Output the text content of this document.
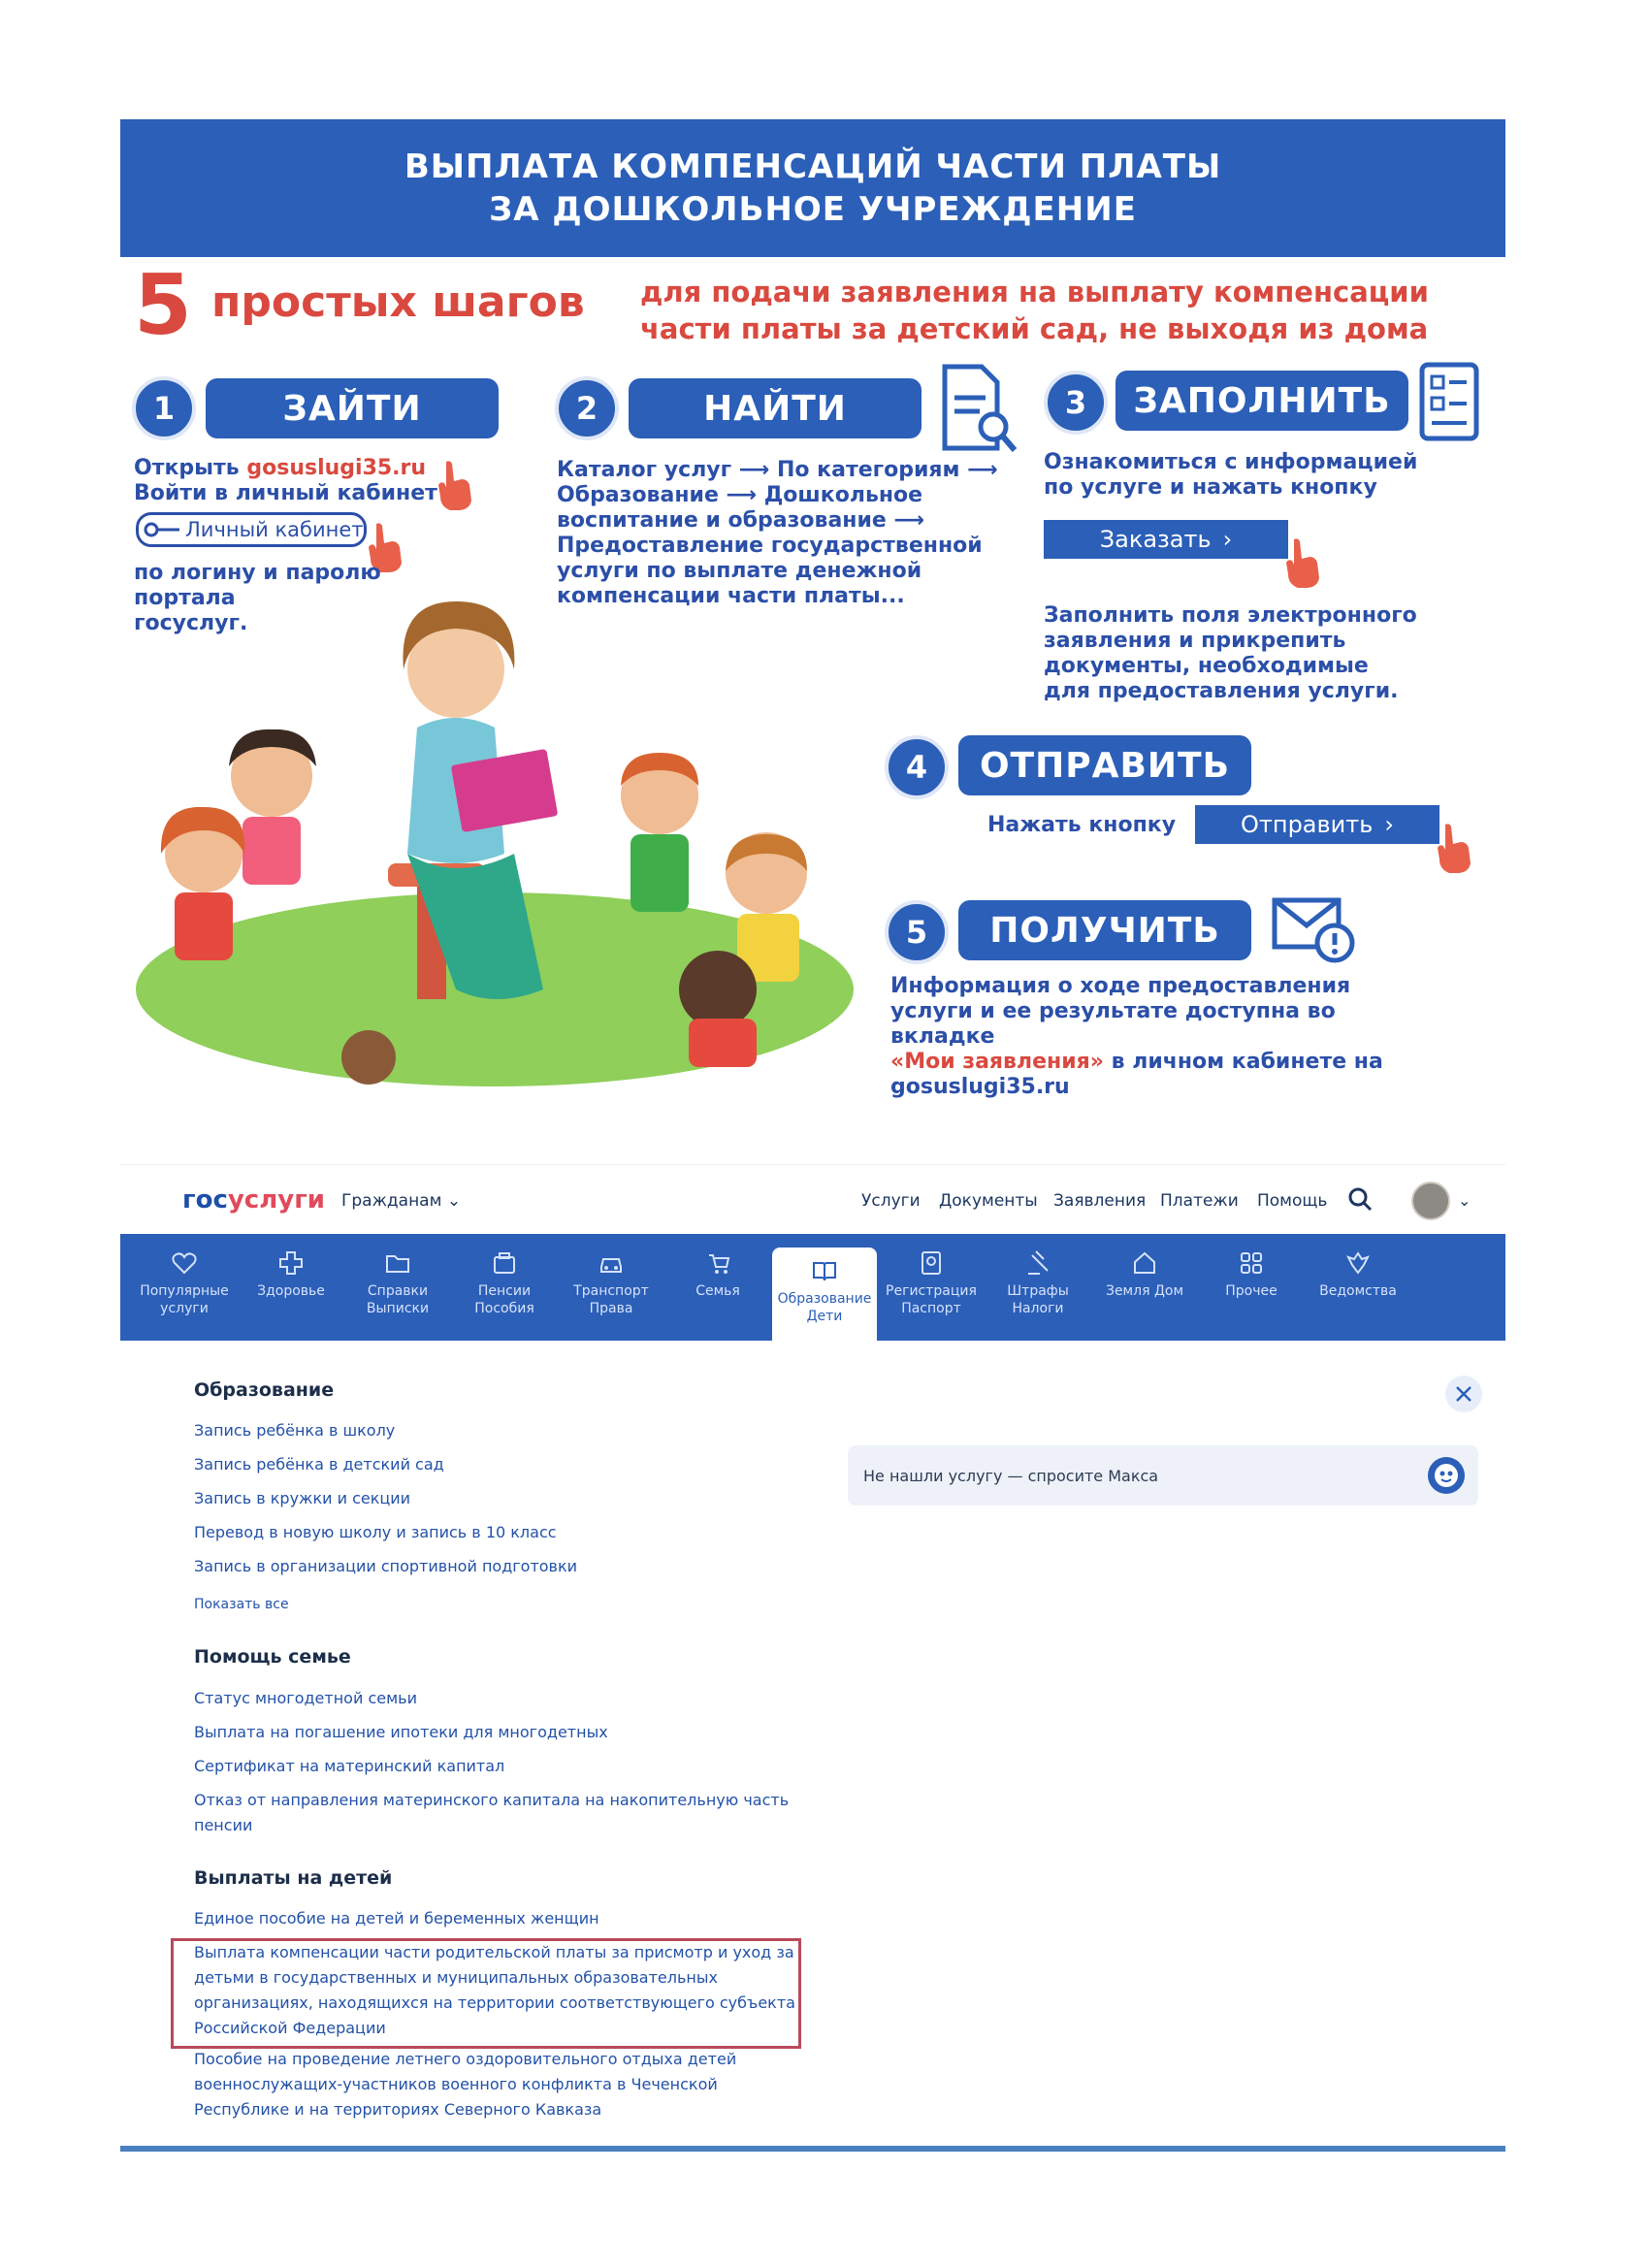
ВЫПЛАТА КОМПЕНСАЦИЙ ЧАСТИ ПЛАТЫ
ЗА ДОШКОЛЬНОЕ УЧРЕЖДЕНИЕ
5 простых шагов для подачи заявления на выплату компенсации
части платы за детский сад, не выходя из дома
1	ЗАЙТИ
Открыть gosuslugi35.ru
Войти в личный кабинет
Личный кабинет
по логину и паролю
портала
госуслуг.
2	НАЙТИ
Каталог услуг ⟶ По категориям ⟶
Образование ⟶ Дошкольное
воспитание и образование ⟶
Предоставление государственной
услуги по выплате денежной
компенсации части платы...
3	ЗАПОЛНИТЬ
Ознакомиться с информацией
по услуге и нажать кнопку
Заказать ›
Заполнить поля электронного
заявления и прикрепить
документы, необходимые
для предоставления услуги.
4	ОТПРАВИТЬ
Нажать кнопку	Отправить ›
5	ПОЛУЧИТЬ
Информация о ходе предоставления
услуги и ее результате доступна во вкладке
«Мои заявления» в личном кабинете на
gosuslugi35.ru
госуслуги Гражданам ⌄	Услуги Документы Заявления Платежи Помощь	⌄
Популярные
услуги
Здоровье	Справки
Выписки
Пенсии
Пособия
Транспорт
Права
Семья	Образование
Дети
Регистрация
Паспорт
Штрафы
Налоги
Земля Дом	Прочее	Ведомства
Образование
Запись ребёнка в школу
Запись ребёнка в детский сад
Запись в кружки и секции
Перевод в новую школу и запись в 10 класс
Запись в организации спортивной подготовки
Показать все
Помощь семье
Статус многодетной семьи
Выплата на погашение ипотеки для многодетных
Сертификат на материнский капитал
Отказ от направления материнского капитала на накопительную часть
пенсии
Выплаты на детей
Единое пособие на детей и беременных женщин
Выплата компенсации части родительской платы за присмотр и уход за
детьми в государственных и муниципальных образовательных
организациях, находящихся на территории соответствующего субъекта
Российской Федерации
Пособие на проведение летнего оздоровительного отдыха детей
военнослужащих-участников военного конфликта в Чеченской
Республике и на территориях Северного Кавказа
Не нашли услугу — спросите Макса
